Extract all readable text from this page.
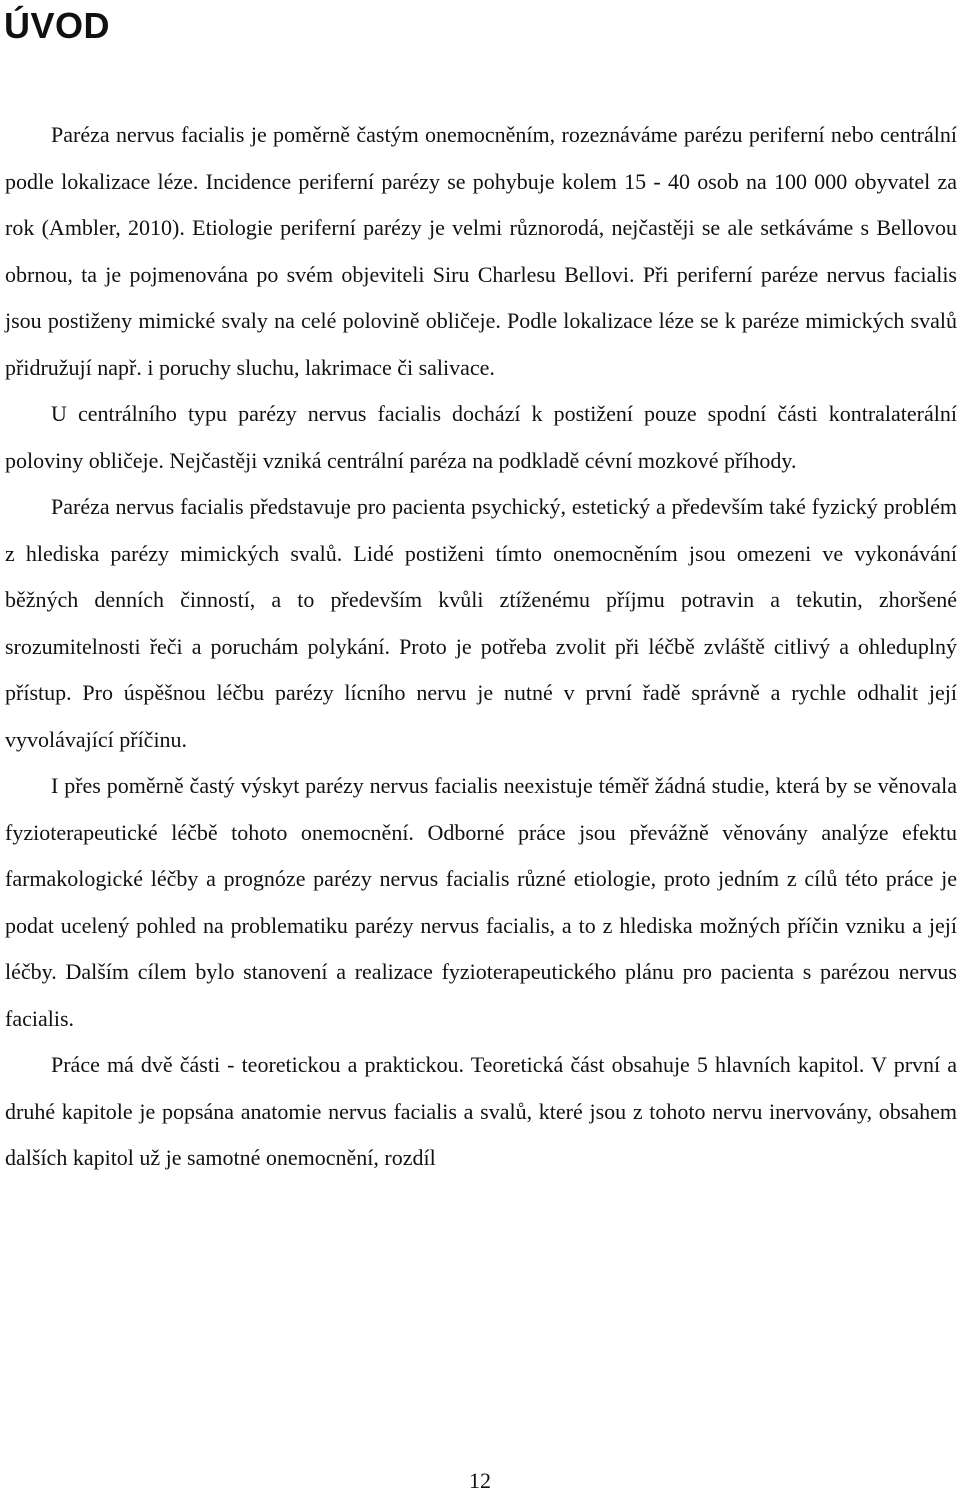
ÚVOD

Paréza nervus facialis je poměrně častým onemocněním, rozeznáváme parézu periferní nebo centrální podle lokalizace léze. Incidence periferní parézy se pohybuje kolem 15 - 40 osob na 100 000 obyvatel za rok (Ambler, 2010). Etiologie periferní parézy je velmi různorodá, nejčastěji se ale setkáváme s Bellovou obrnou, ta je pojmenována po svém objeviteli Siru Charlesu Bellovi. Při periferní paréze nervus facialis jsou postiženy mimické svaly na celé polovině obličeje. Podle lokalizace léze se k paréze mimických svalů přidružují např. i poruchy sluchu, lakrimace či salivace.

U centrálního typu parézy nervus facialis dochází k postižení pouze spodní části kontralaterální poloviny obličeje. Nejčastěji vzniká centrální paréza na podkladě cévní mozkové příhody.

Paréza nervus facialis představuje pro pacienta psychický, estetický a především také fyzický problém z hlediska parézy mimických svalů. Lidé postiženi tímto onemocněním jsou omezeni ve vykonávání běžných denních činností, a to především kvůli ztíženému příjmu potravin a tekutin, zhoršené srozumitelnosti řeči a poruchám polykání. Proto je potřeba zvolit při léčbě zvláště citlivý a ohleduplný přístup. Pro úspěšnou léčbu parézy lícního nervu je nutné v první řadě správně a rychle odhalit její vyvolávající příčinu.

I přes poměrně častý výskyt parézy nervus facialis neexistuje téměř žádná studie, která by se věnovala fyzioterapeutické léčbě tohoto onemocnění. Odborné práce jsou převážně věnovány analýze efektu farmakologické léčby a prognóze parézy nervus facialis různé etiologie, proto jedním z cílů této práce je podat ucelený pohled na problematiku parézy nervus facialis, a to z hlediska možných příčin vzniku a její léčby. Dalším cílem bylo stanovení a realizace fyzioterapeutického plánu pro pacienta s parézou nervus facialis.

Práce má dvě části - teoretickou a praktickou. Teoretická část obsahuje 5 hlavních kapitol. V první a druhé kapitole je popsána anatomie nervus facialis a svalů, které jsou z tohoto nervu inervovány, obsahem dalších kapitol už je samotné onemocnění, rozdíl

12
